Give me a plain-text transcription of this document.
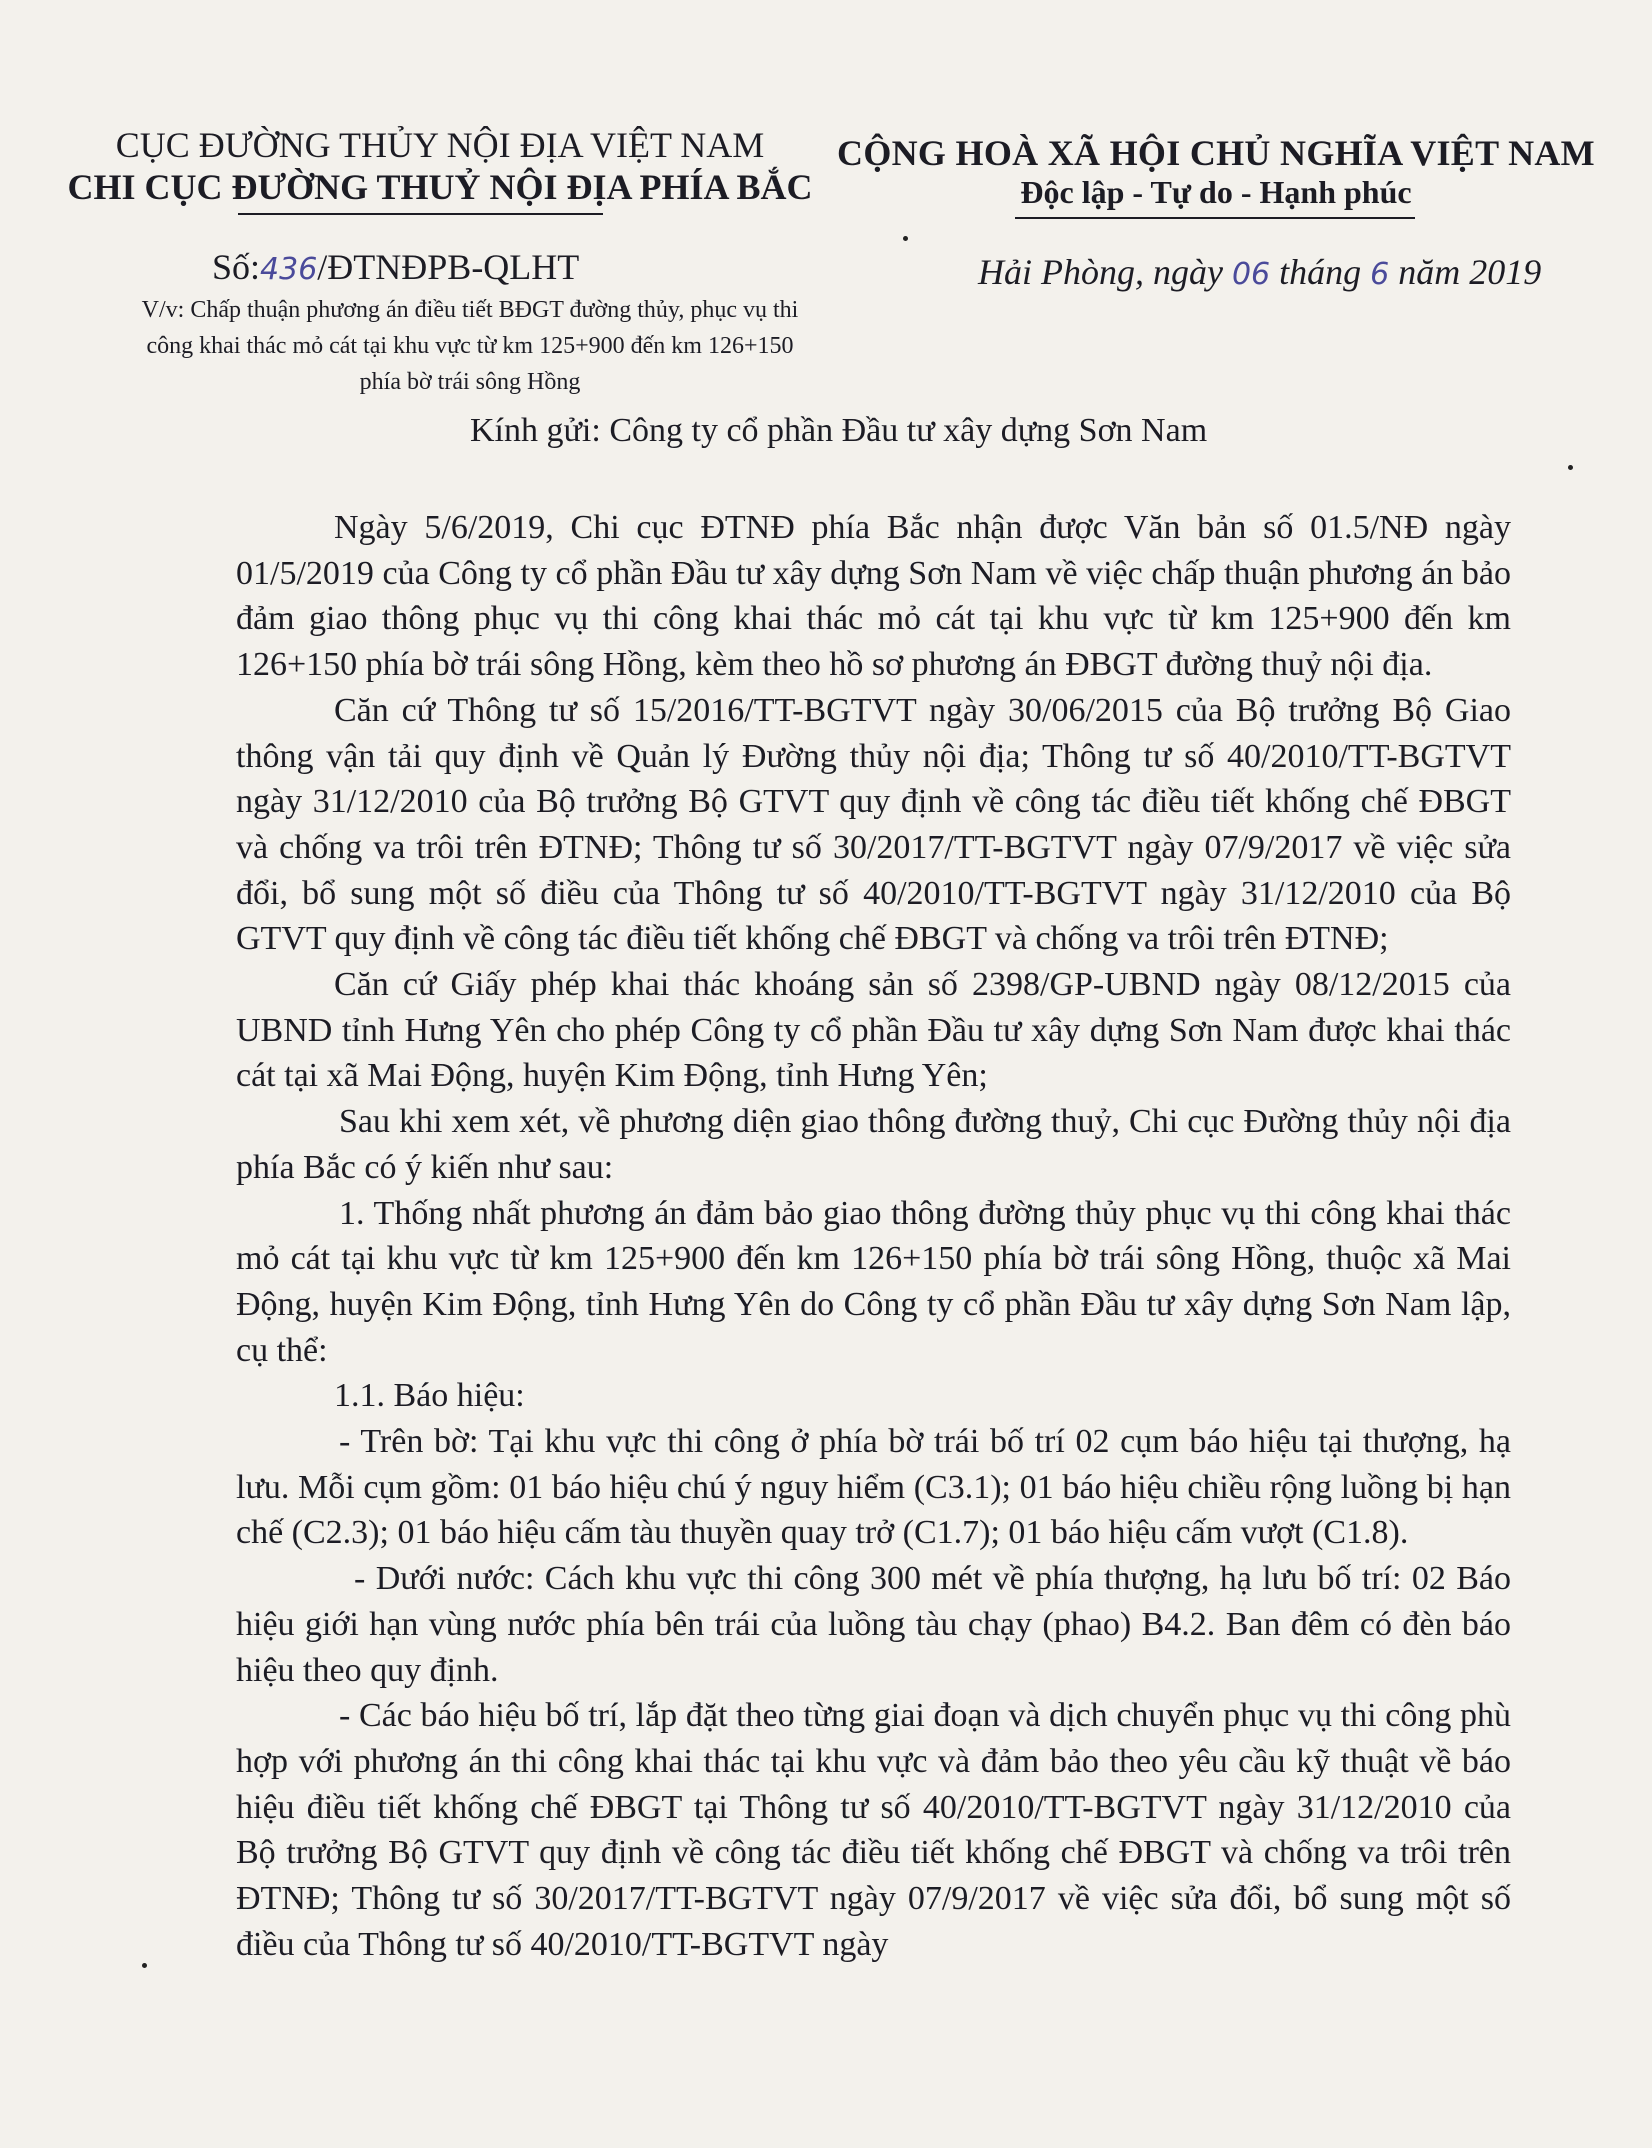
CỤC ĐƯỜNG THỦY NỘI ĐỊA VIỆT NAM
CHI CỤC ĐƯỜNG THUỶ NỘI ĐỊA PHÍA BẮC
CỘNG HOÀ XÃ HỘI CHỦ NGHĨA VIỆT NAM
Độc lập - Tự do - Hạnh phúc
Số:436/ĐTNĐPB-QLHT	Hải Phòng, ngày 06 tháng 6 năm 2019
V/v: Chấp thuận phương án điều tiết BĐGT đường thủy, phục vụ thi
công khai thác mỏ cát tại khu vực từ km 125+900 đến km 126+150
phía bờ trái sông Hồng
Kính gửi: Công ty cổ phần Đầu tư xây dựng Sơn Nam

Ngày 5/6/2019, Chi cục ĐTNĐ phía Bắc nhận được Văn bản số 01.5/NĐ ngày 01/5/2019 của Công ty cổ phần Đầu tư xây dựng Sơn Nam về việc chấp thuận phương án bảo đảm giao thông phục vụ thi công khai thác mỏ cát tại khu vực từ km 125+900 đến km 126+150 phía bờ trái sông Hồng, kèm theo hồ sơ phương án ĐBGT đường thuỷ nội địa.

Căn cứ Thông tư số 15/2016/TT-BGTVT ngày 30/06/2015 của Bộ trưởng Bộ Giao thông vận tải quy định về Quản lý Đường thủy nội địa; Thông tư số 40/2010/TT-BGTVT ngày 31/12/2010 của Bộ trưởng Bộ GTVT quy định về công tác điều tiết khống chế ĐBGT và chống va trôi trên ĐTNĐ; Thông tư số 30/2017/TT-BGTVT ngày 07/9/2017 về việc sửa đổi, bổ sung một số điều của Thông tư số 40/2010/TT-BGTVT ngày 31/12/2010 của Bộ GTVT quy định về công tác điều tiết khống chế ĐBGT và chống va trôi trên ĐTNĐ;

Căn cứ Giấy phép khai thác khoáng sản số 2398/GP-UBND ngày 08/12/2015 của UBND tỉnh Hưng Yên cho phép Công ty cổ phần Đầu tư xây dựng Sơn Nam được khai thác cát tại xã Mai Động, huyện Kim Động, tỉnh Hưng Yên;

Sau khi xem xét, về phương diện giao thông đường thuỷ, Chi cục Đường thủy nội địa phía Bắc có ý kiến như sau:

1. Thống nhất phương án đảm bảo giao thông đường thủy phục vụ thi công khai thác mỏ cát tại khu vực từ km 125+900 đến km 126+150 phía bờ trái sông Hồng, thuộc xã Mai Động, huyện Kim Động, tỉnh Hưng Yên do Công ty cổ phần Đầu tư xây dựng Sơn Nam lập, cụ thể:

1.1. Báo hiệu:

- Trên bờ: Tại khu vực thi công ở phía bờ trái bố trí 02 cụm báo hiệu tại thượng, hạ lưu. Mỗi cụm gồm: 01 báo hiệu chú ý nguy hiểm (C3.1); 01 báo hiệu chiều rộng luồng bị hạn chế (C2.3); 01 báo hiệu cấm tàu thuyền quay trở (C1.7); 01 báo hiệu cấm vượt (C1.8).

- Dưới nước: Cách khu vực thi công 300 mét về phía thượng, hạ lưu bố trí: 02 Báo hiệu giới hạn vùng nước phía bên trái của luồng tàu chạy (phao) B4.2. Ban đêm có đèn báo hiệu theo quy định.

- Các báo hiệu bố trí, lắp đặt theo từng giai đoạn và dịch chuyển phục vụ thi công phù hợp với phương án thi công khai thác tại khu vực và đảm bảo theo yêu cầu kỹ thuật về báo hiệu điều tiết khống chế ĐBGT tại Thông tư số 40/2010/TT-BGTVT ngày 31/12/2010 của Bộ trưởng Bộ GTVT quy định về công tác điều tiết khống chế ĐBGT và chống va trôi trên ĐTNĐ; Thông tư số 30/2017/TT-BGTVT ngày 07/9/2017 về việc sửa đổi, bổ sung một số điều của Thông tư số 40/2010/TT-BGTVT ngày
